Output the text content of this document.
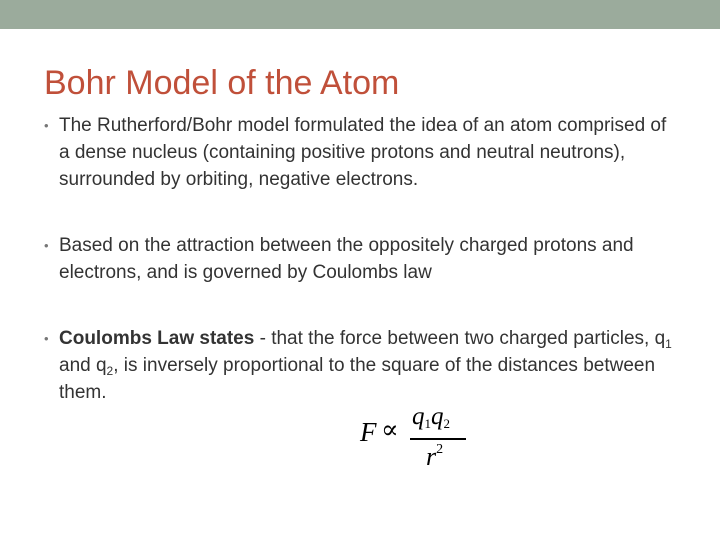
Bohr Model of the Atom
• The Rutherford/Bohr model formulated the idea of an atom comprised of a dense nucleus (containing positive protons and neutral neutrons), surrounded by orbiting, negative electrons.
• Based on the attraction between the oppositely charged protons and electrons, and is governed by Coulombs law
• Coulombs Law states - that the force between two charged particles, $q_1$ and $q_2$, is inversely proportional to the square of the distances between them.
F ∝ q1q2
$r^2$
